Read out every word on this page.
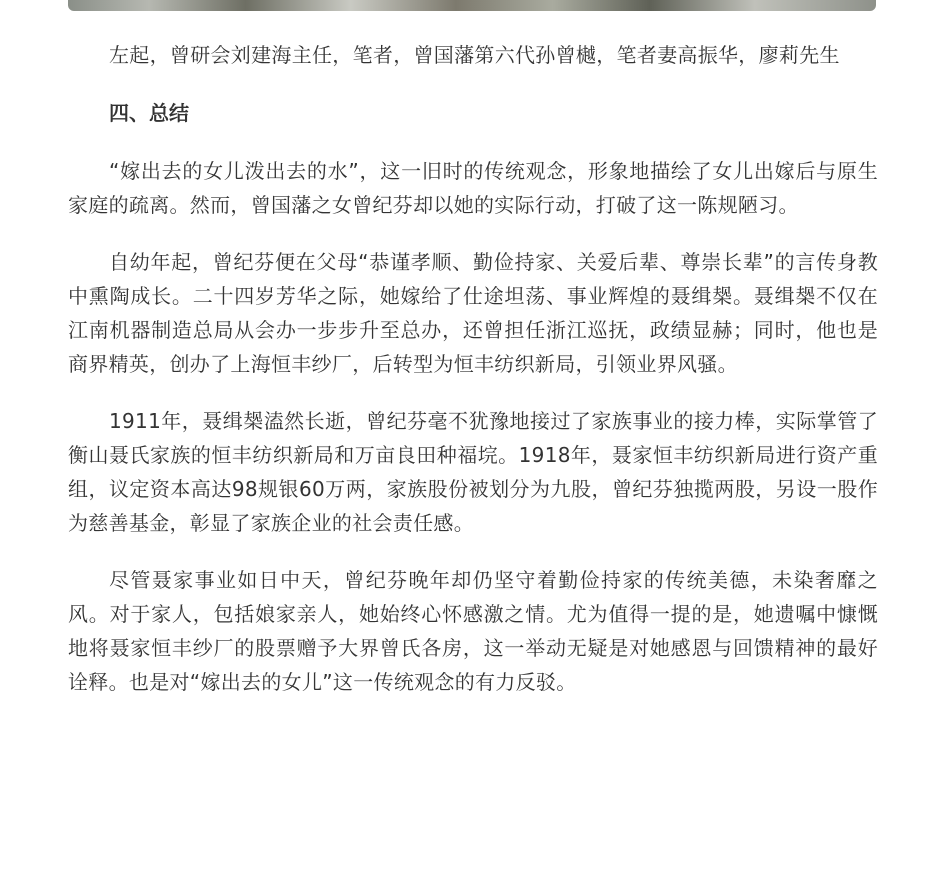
左起，曾研会刘建海主任，笔者，曾国藩第六代孙曾樾，笔者妻高振华，廖莉先生

四、总结

“嫁出去的女儿泼出去的水”，这一旧时的传统观念，形象地描绘了女儿出嫁后与原生家庭的疏离。然而，曾国藩之女曾纪芬却以她的实际行动，打破了这一陈规陋习。

自幼年起，曾纪芬便在父母“恭谨孝顺、勤俭持家、关爱后辈、尊崇长辈”的言传身教中熏陶成长。二十四岁芳华之际，她嫁给了仕途坦荡、事业辉煌的聂缉椝。聂缉椝不仅在江南机器制造总局从会办一步步升至总办，还曾担任浙江巡抚，政绩显赫；同时，他也是商界精英，创办了上海恒丰纱厂，后转型为恒丰纺织新局，引领业界风骚。

1911年，聂缉椝溘然长逝，曾纪芬毫不犹豫地接过了家族事业的接力棒，实际掌管了衡山聂氏家族的恒丰纺织新局和万亩良田种福垸。1918年，聂家恒丰纺织新局进行资产重组，议定资本高达98规银60万两，家族股份被划分为九股，曾纪芬独揽两股，另设一股作为慈善基金，彰显了家族企业的社会责任感。

尽管聂家事业如日中天，曾纪芬晚年却仍坚守着勤俭持家的传统美德，未染奢靡之风。对于家人，包括娘家亲人，她始终心怀感激之情。尤为值得一提的是，她遗嘱中慷慨地将聂家恒丰纱厂的股票赠予大界曾氏各房，这一举动无疑是对她感恩与回馈精神的最好诠释。也是对“嫁出去的女儿”这一传统观念的有力反驳。
